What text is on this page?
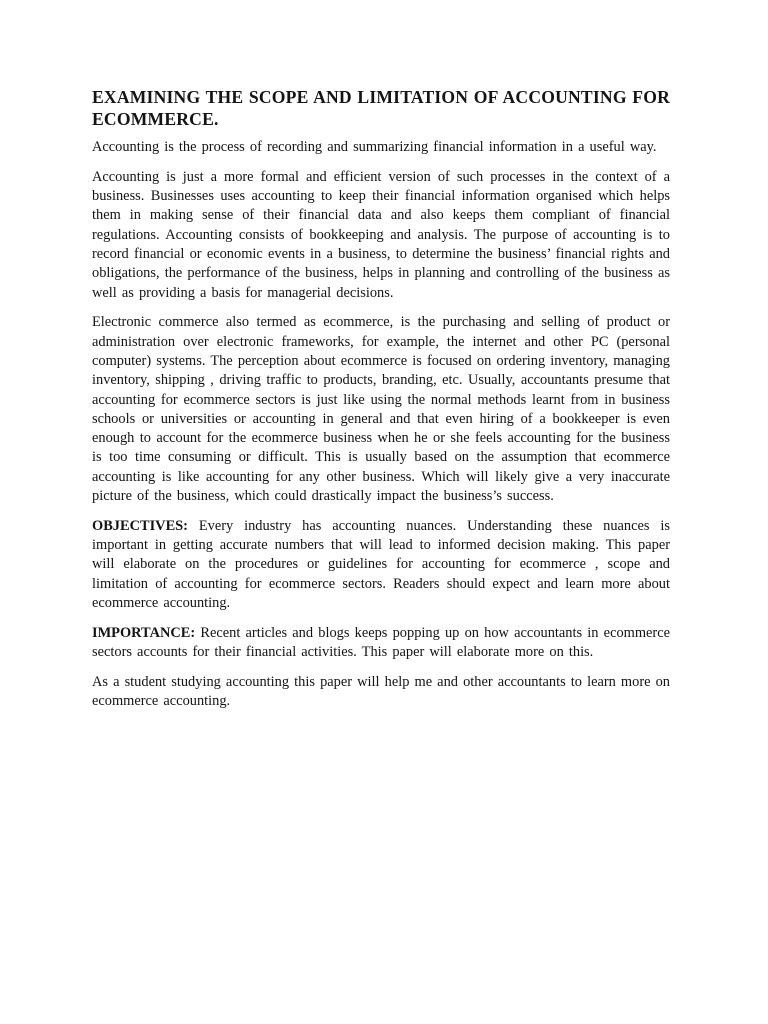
EXAMINING THE SCOPE AND LIMITATION OF ACCOUNTING FOR ECOMMERCE.

Accounting is the process of recording and summarizing financial information in a useful way.

Accounting is just a more formal and efficient version of such processes in the context of a business. Businesses uses accounting to keep their financial information organised which helps them in making sense of their financial data and also keeps them compliant of financial regulations. Accounting consists of bookkeeping and analysis. The purpose of accounting is to record financial or economic events in a business, to determine the business’ financial rights and obligations, the performance of the business, helps in planning and controlling of the business as well as providing a basis for managerial decisions.

Electronic commerce also termed as ecommerce, is the purchasing and selling of product or administration over electronic frameworks, for example, the internet and other PC (personal computer) systems. The perception about ecommerce is focused on ordering inventory, managing inventory, shipping , driving traffic to products, branding, etc. Usually, accountants presume that accounting for ecommerce sectors is just like using the normal methods learnt from in business schools or universities or accounting in general and that even hiring of a bookkeeper is even enough to account for the ecommerce business when he or she feels accounting for the business is too time consuming or difficult. This is usually based on the assumption that ecommerce accounting is like accounting for any other business. Which will likely give a very inaccurate picture of the business, which could drastically impact the business’s success.

OBJECTIVES: Every industry has accounting nuances. Understanding these nuances is important in getting accurate numbers that will lead to informed decision making. This paper will elaborate on the procedures or guidelines for accounting for ecommerce , scope and limitation of accounting for ecommerce sectors. Readers should expect and learn more about ecommerce accounting.

IMPORTANCE: Recent articles and blogs keeps popping up on how accountants in ecommerce sectors accounts for their financial activities. This paper will elaborate more on this.

As a student studying accounting this paper will help me and other accountants to learn more on ecommerce accounting.
